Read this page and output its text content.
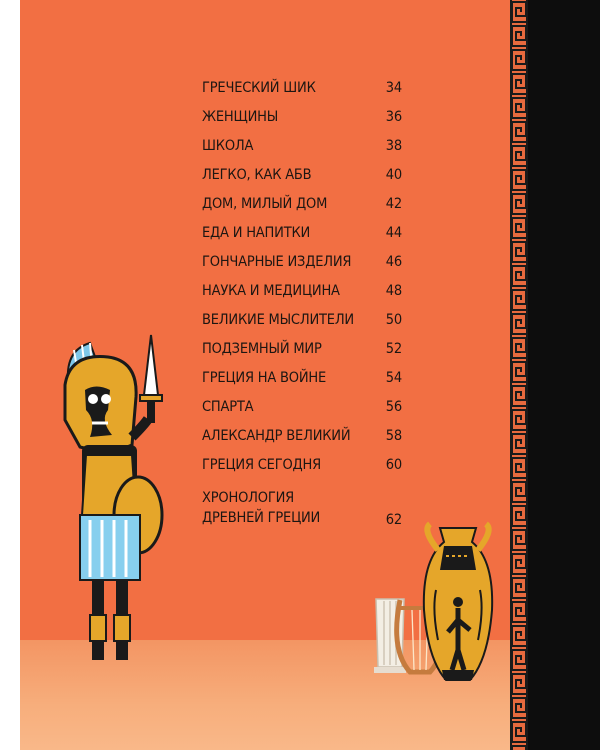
ГРЕЧЕСКИЙ ШИК	34
ЖЕНЩИНЫ	36
ШКОЛА	38
ЛЕГКО, КАК АБВ	40
ДОМ, МИЛЫЙ ДОМ	42
ЕДА И НАПИТКИ	44
ГОНЧАРНЫЕ ИЗДЕЛИЯ 46
НАУКА И МЕДИЦИНА	48
ВЕЛИКИЕ МЫСЛИТЕЛИ 50
ПОДЗЕМНЫЙ МИР	52
ГРЕЦИЯ НА ВОЙНЕ	54
СПАРТА	56
АЛЕКСАНДР ВЕЛИКИЙ 58
ГРЕЦИЯ СЕГОДНЯ	60
ХРОНОЛОГИЯ
ДРЕВНЕЙ ГРЕЦИИ	62
